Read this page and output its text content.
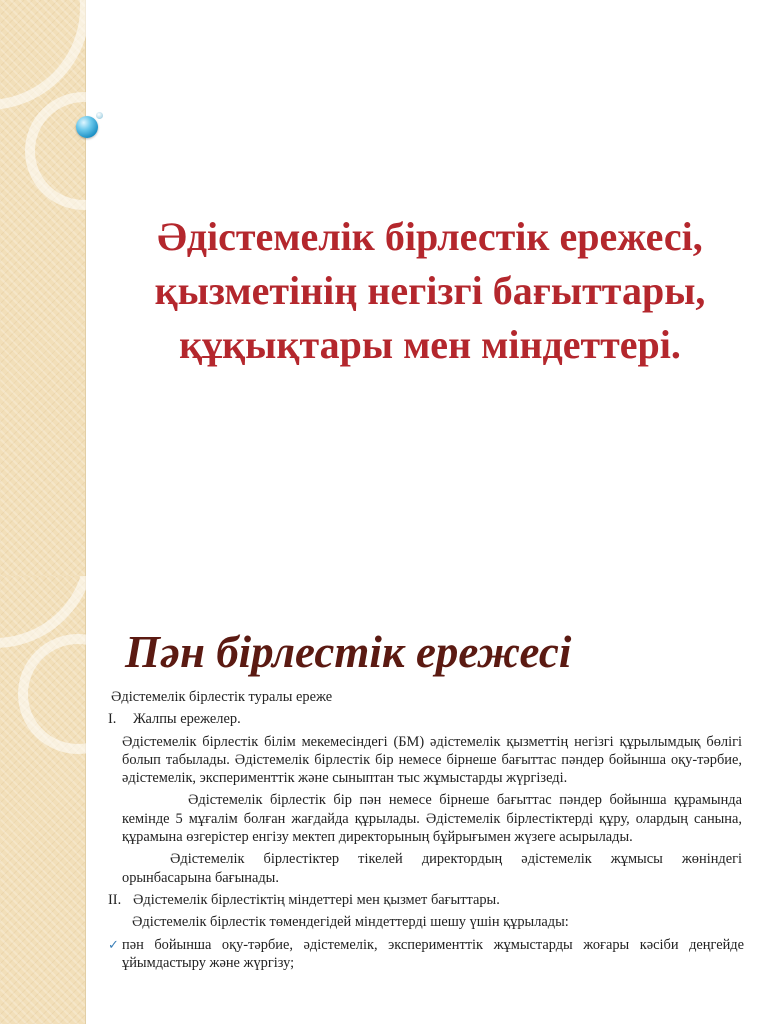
Әдістемелік бірлестік ережесі,
қызметінің негізгі бағыттары,
құқықтары мен міндеттері.
Пән бірлестік ережесі

Әдістемелік бірлестік туралы ереже

I.	Жалпы ережелер.

Әдістемелік бірлестік білім мекемесіндегі (БМ) әдістемелік қызметтің негізгі құрылымдық бөлігі болып табылады. Әдістемелік бірлестік бір немесе бірнеше бағыттас пәндер бойынша оқу-тәрбие, әдістемелік, эксперименттік және сыныптан тыс жұмыстарды жүргізеді.

Әдістемелік бірлестік бір пән немесе бірнеше бағыттас пәндер бойынша құрамында кемінде 5 мұғалім болған жағдайда құрылады. Әдістемелік бірлестіктерді құру, олардың санына, құрамына өзгерістер енгізу мектеп директорының бұйрығымен жүзеге асырылады.

Әдістемелік бірлестіктер тікелей директордың әдістемелік жұмысы жөніндегі орынбасарына бағынады.

II. Әдістемелік бірлестіктің міндеттері мен қызмет бағыттары.

Әдістемелік бірлестік төмендегідей міндеттерді шешу үшін құрылады:

✓ пән бойынша оқу-тәрбие, әдістемелік, эксперименттік жұмыстарды жоғары кәсіби деңгейде ұйымдастыру және жүргізу;
